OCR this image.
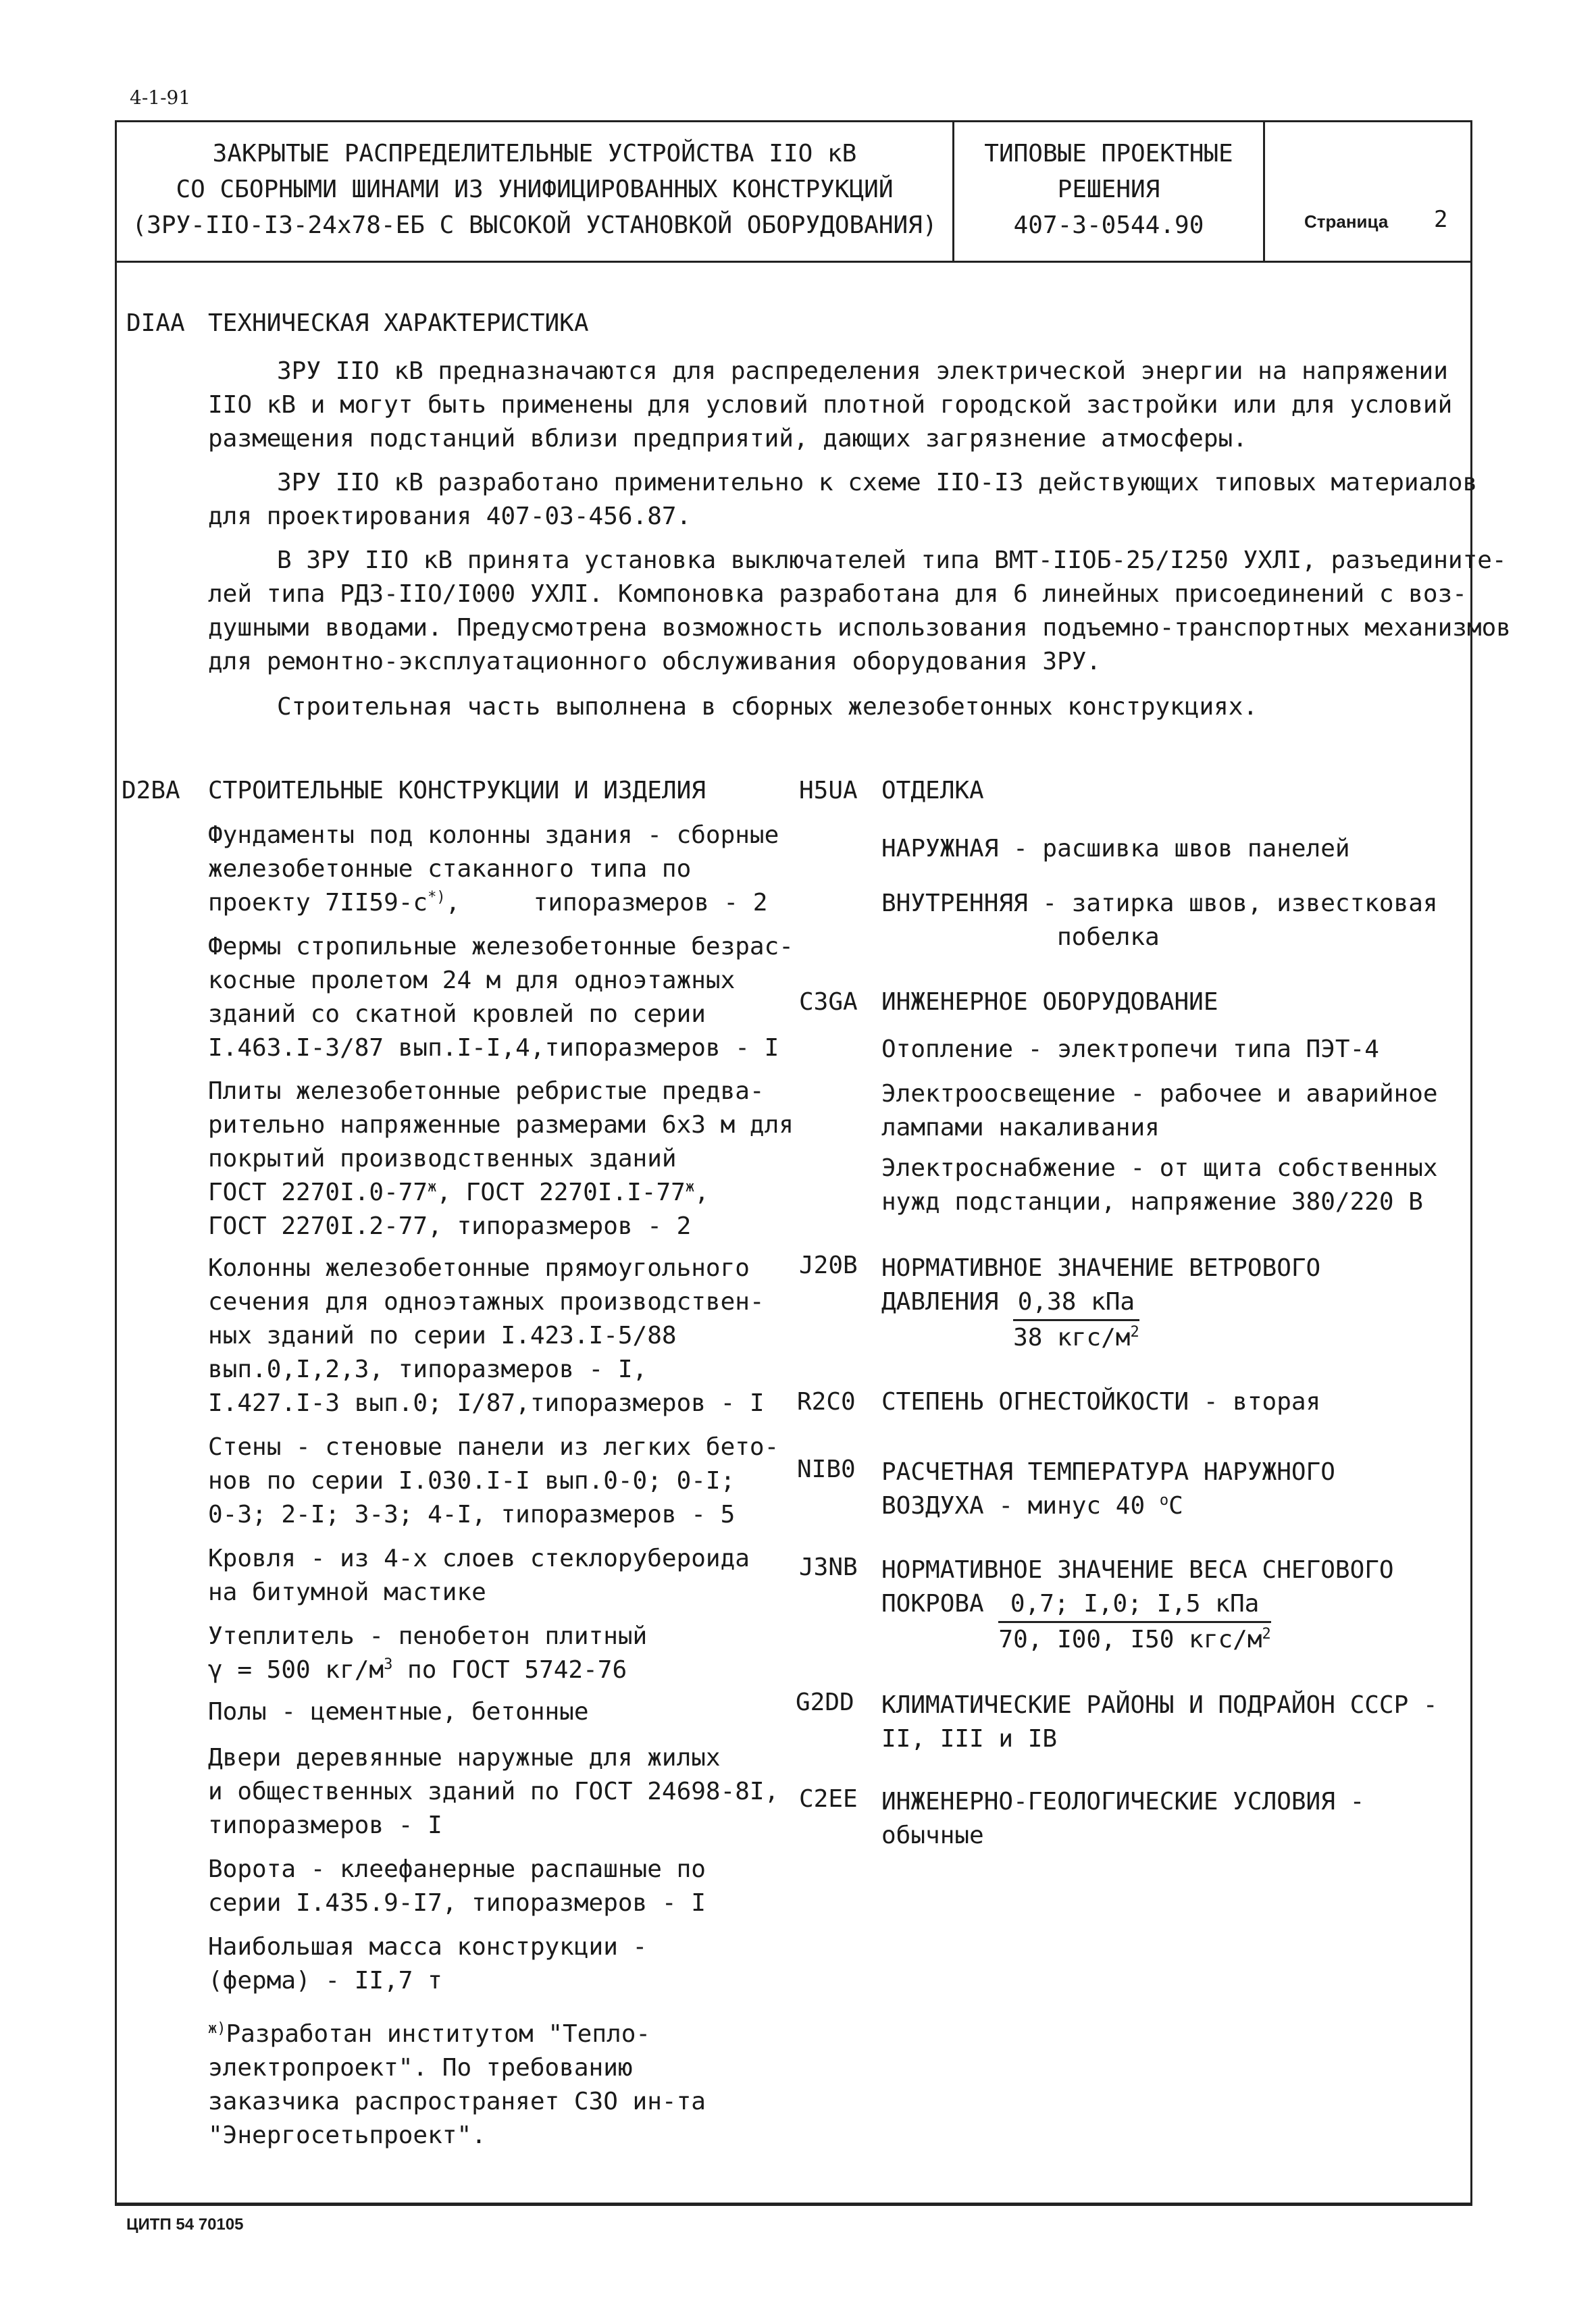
4-1-91
ЗАКРЫТЫЕ РАСПРЕДЕЛИТЕЛЬНЫЕ УСТРОЙСТВА IIO кВ
СО СБОРНЫМИ ШИНАМИ ИЗ УНИФИЦИРОВАННЫХ КОНСТРУКЦИЙ
(ЗРУ-IIO-I3-24х78-ЕБ С ВЫСОКОЙ УСТАНОВКОЙ ОБОРУДОВАНИЯ)
ТИПОВЫЕ ПРОЕКТНЫЕ
РЕШЕНИЯ
407-3-0544.90	Страница 2
DIAA ТЕХНИЧЕСКАЯ ХАРАКТЕРИСТИКА
ЗРУ IIO кВ предназначаются для распределения электрической энергии на напряжении
IIO кВ и могут быть применены для условий плотной городской застройки или для условий
размещения подстанций вблизи предприятий, дающих загрязнение атмосферы.
ЗРУ IIO кВ разработано применительно к схеме IIO-I3 действующих типовых материалов
для проектирования 407-03-456.87.
В ЗРУ IIO кВ принята установка выключателей типа ВМТ-IIOБ-25/I250 УХЛI, разъедините-
лей типа РДЗ-IIO/I000 УХЛI. Компоновка разработана для 6 линейных присоединений с воз-
душными вводами. Предусмотрена возможность использования подъемно-транспортных механизмов
для ремонтно-эксплуатационного обслуживания оборудования ЗРУ.
Строительная часть выполнена в сборных железобетонных конструкциях.
D2BA СТРОИТЕЛЬНЫЕ КОНСТРУКЦИИ И ИЗДЕЛИЯ
Фундаменты под колонны здания - сборные
железобетонные стаканного типа по
проекту 7II59-с*),     типоразмеров - 2
Фермы стропильные железобетонные безрас-
косные пролетом 24 м для одноэтажных
зданий со скатной кровлей по серии
I.463.I-3/87 вып.I-I,4,типоразмеров - I
Плиты железобетонные ребристые предва-
рительно напряженные размерами 6х3 м для
покрытий производственных зданий
ГОСТ $2270I.0-77^ж$, ГОСТ $2270I.I-77^ж$,
ГОСТ 2270I.2-77, типоразмеров - 2
Колонны железобетонные прямоугольного
сечения для одноэтажных производствен-
ных зданий по серии I.423.I-5/88
вып.0,I,2,3, типоразмеров - I,
I.427.I-3 вып.0; I/87,типоразмеров - I
Стены - стеновые панели из легких бето-
нов по серии I.030.I-I вып.0-0; 0-I;
0-3; 2-I; 3-3; 4-I, типоразмеров - 5
Кровля - из 4-х слоев стеклорубероида
на битумной мастике
Утеплитель - пенобетон плитный
γ = 500 $кг/м^3$ по ГОСТ 5742-76
Полы - цементные, бетонные
Двери деревянные наружные для жилых
и общественных зданий по ГОСТ 24698-8I,
типоразмеров - I
Ворота - клеефанерные распашные по
серии I.435.9-I7, типоразмеров - I
Наибольшая масса конструкции -
(ферма) - II,7 т
$^{ж)}$Разработан институтом "Тепло-
электропроект". По требованию
заказчика распространяет СЗО ин-та
"Энергосетьпроект".
H5UA ОТДЕЛКА
НАРУЖНАЯ - расшивка швов панелей
ВНУТРЕННЯЯ - затирка швов, известковая
побелка
C3GA ИНЖЕНЕРНОЕ ОБОРУДОВАНИЕ
Отопление - электропечи типа ПЭТ-4
Электроосвещение - рабочее и аварийное
лампами накаливания
Электроснабжение - от щита собственных
нужд подстанции, напряжение 380/220 В
J20B НОРМАТИВНОЕ ЗНАЧЕНИЕ ВЕТРОВОГО
ДАВЛЕНИЯ $\frac{\text{0,38 кПа}}{38 кгс/м^2}$
R2C0 СТЕПЕНЬ ОГНЕСТОЙКОСТИ - вторая
NIB0 РАСЧЕТНАЯ ТЕМПЕРАТУРА НАРУЖНОГО
ВОЗДУХА - минус 40 $^о$С
J3NB НОРМАТИВНОЕ ЗНАЧЕНИЕ ВЕСА СНЕГОВОГО
ПОКРОВА $\frac{\text{0,7; I,0; I,5 кПа}}{70, I00, I50 кгс/м^2}$
G2DD КЛИМАТИЧЕСКИЕ РАЙОНЫ И ПОДРАЙОН СССР -
II, III и IВ
C2EE ИНЖЕНЕРНО-ГЕОЛОГИЧЕСКИЕ УСЛОВИЯ -
обычные
ЦИТП 54 70105
